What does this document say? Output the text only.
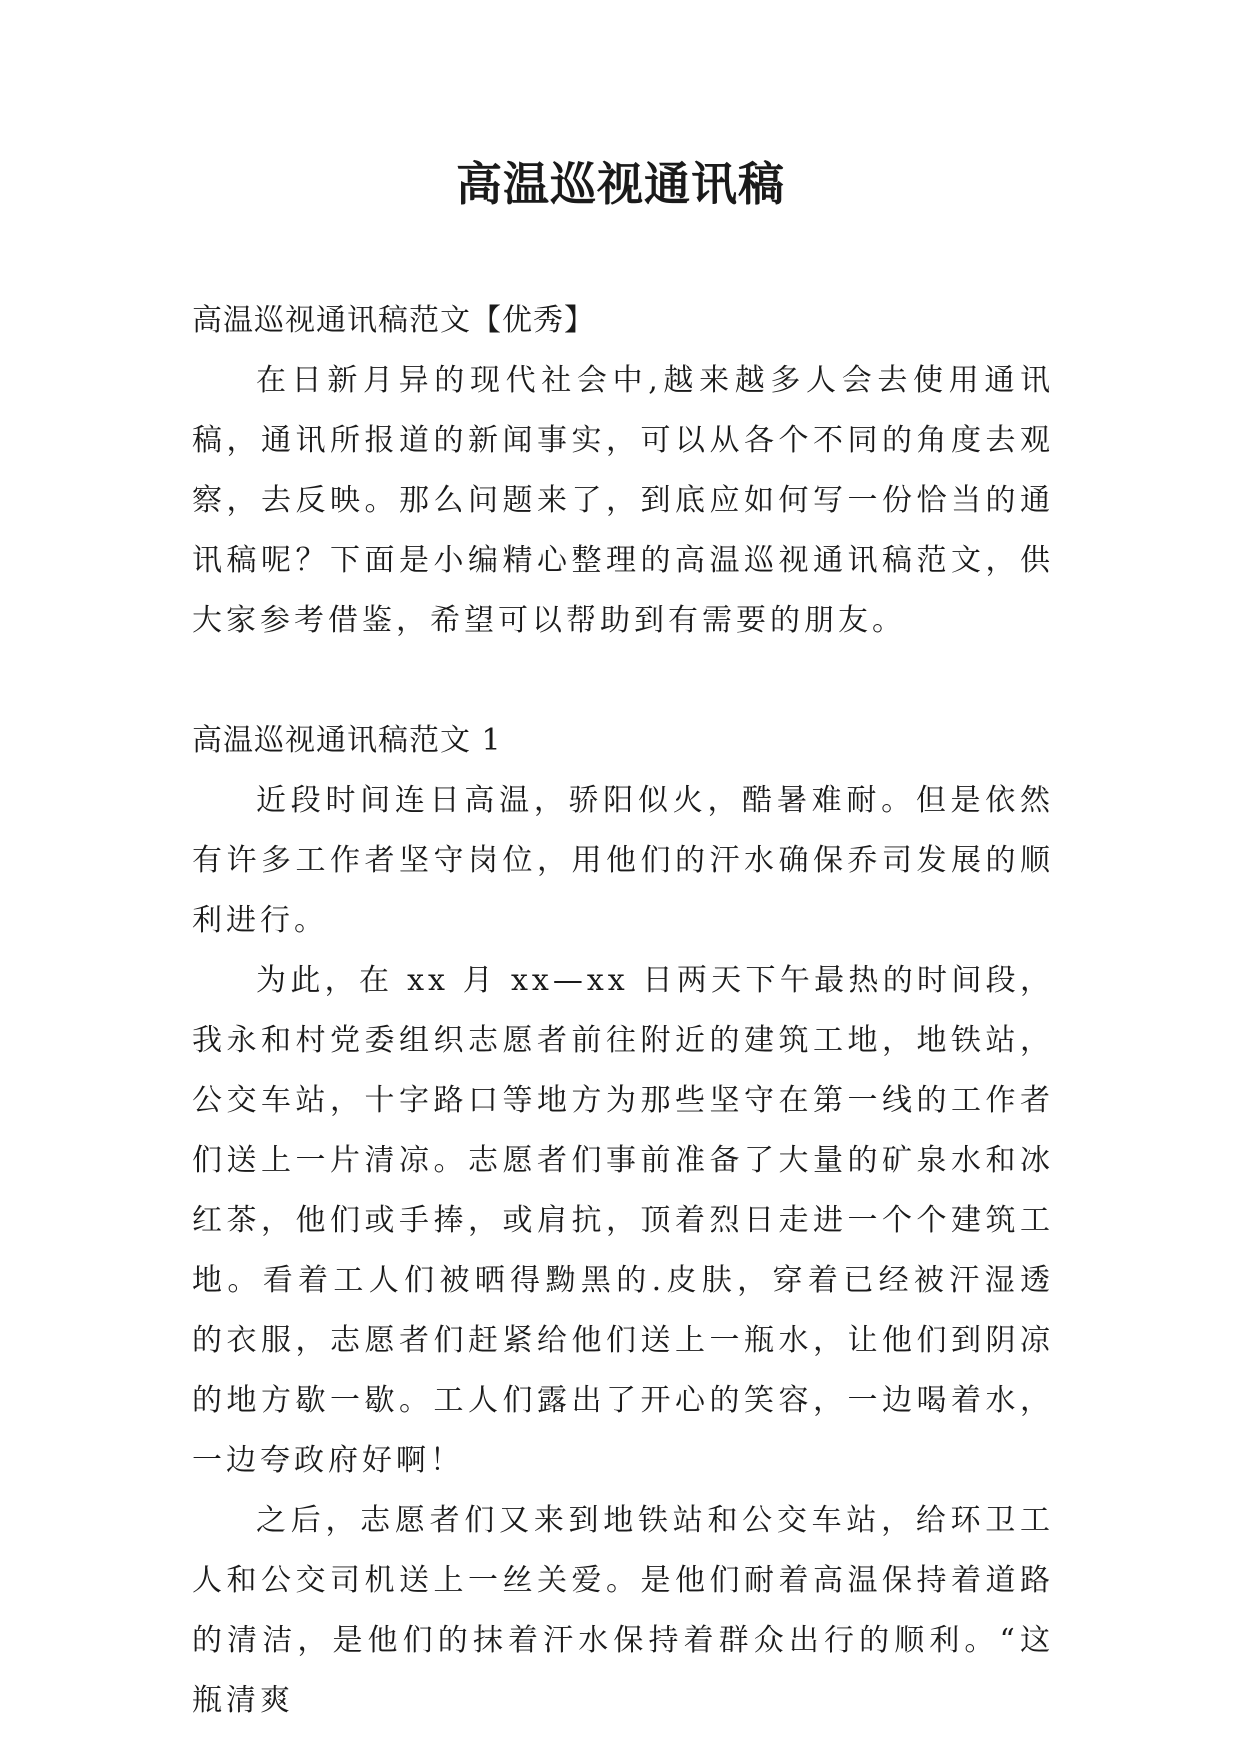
高温巡视通讯稿

高温巡视通讯稿范文【优秀】

在日新月异的现代社会中,越来越多人会去使用通讯稿，通讯所报道的新闻事实，可以从各个不同的角度去观察，去反映。那么问题来了，到底应如何写一份恰当的通讯稿呢？下面是小编精心整理的高温巡视通讯稿范文，供大家参考借鉴，希望可以帮助到有需要的朋友。

高温巡视通讯稿范文 1

近段时间连日高温，骄阳似火，酷暑难耐。但是依然有许多工作者坚守岗位，用他们的汗水确保乔司发展的顺利进行。

为此，在 xx 月 xx—xx 日两天下午最热的时间段，我永和村党委组织志愿者前往附近的建筑工地，地铁站，公交车站，十字路口等地方为那些坚守在第一线的工作者们送上一片清凉。志愿者们事前准备了大量的矿泉水和冰红茶，他们或手捧，或肩抗，顶着烈日走进一个个建筑工地。看着工人们被晒得黝黑的.皮肤，穿着已经被汗湿透的衣服，志愿者们赶紧给他们送上一瓶水，让他们到阴凉的地方歇一歇。工人们露出了开心的笑容，一边喝着水，一边夸政府好啊！

之后，志愿者们又来到地铁站和公交车站，给环卫工人和公交司机送上一丝关爱。是他们耐着高温保持着道路的清洁，是他们的抹着汗水保持着群众出行的顺利。“这瓶清爽
